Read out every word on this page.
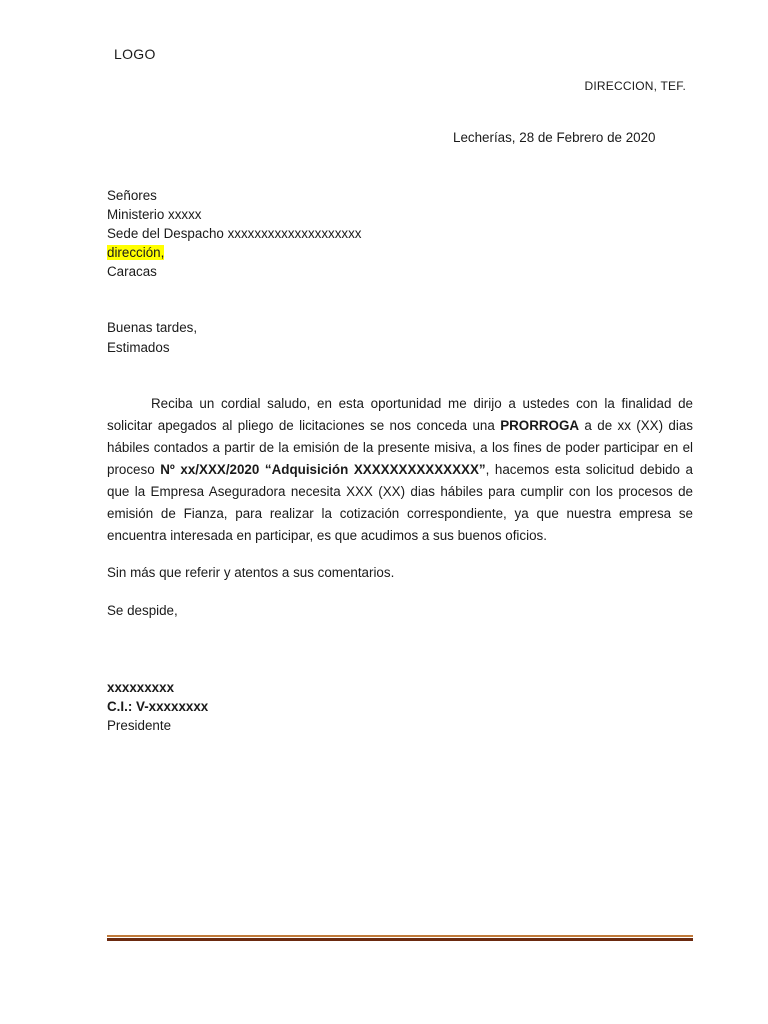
LOGO
DIRECCION, TEF.
Lecherías, 28 de Febrero de 2020
Señores
Ministerio xxxxx
Sede del Despacho xxxxxxxxxxxxxxxxxxxx
dirección,
Caracas
Buenas tardes,
Estimados

Reciba un cordial saludo, en esta oportunidad me dirijo a ustedes con la finalidad de solicitar apegados al pliego de licitaciones se nos conceda una PRORROGA a de xx (XX) dias hábiles contados a partir de la emisión de la presente misiva, a los fines de poder participar en el proceso Nº xx/XXX/2020 “Adquisición XXXXXXXXXXXXXX”, hacemos esta solicitud debido a que la Empresa Aseguradora necesita XXX (XX) dias hábiles para cumplir con los procesos de emisión de Fianza, para realizar la cotización correspondiente, ya que nuestra empresa se encuentra interesada en participar, es que acudimos a sus buenos oficios.

Sin más que referir y atentos a sus comentarios.
Se despide,
xxxxxxxxx
C.I.: V-xxxxxxxx
Presidente
